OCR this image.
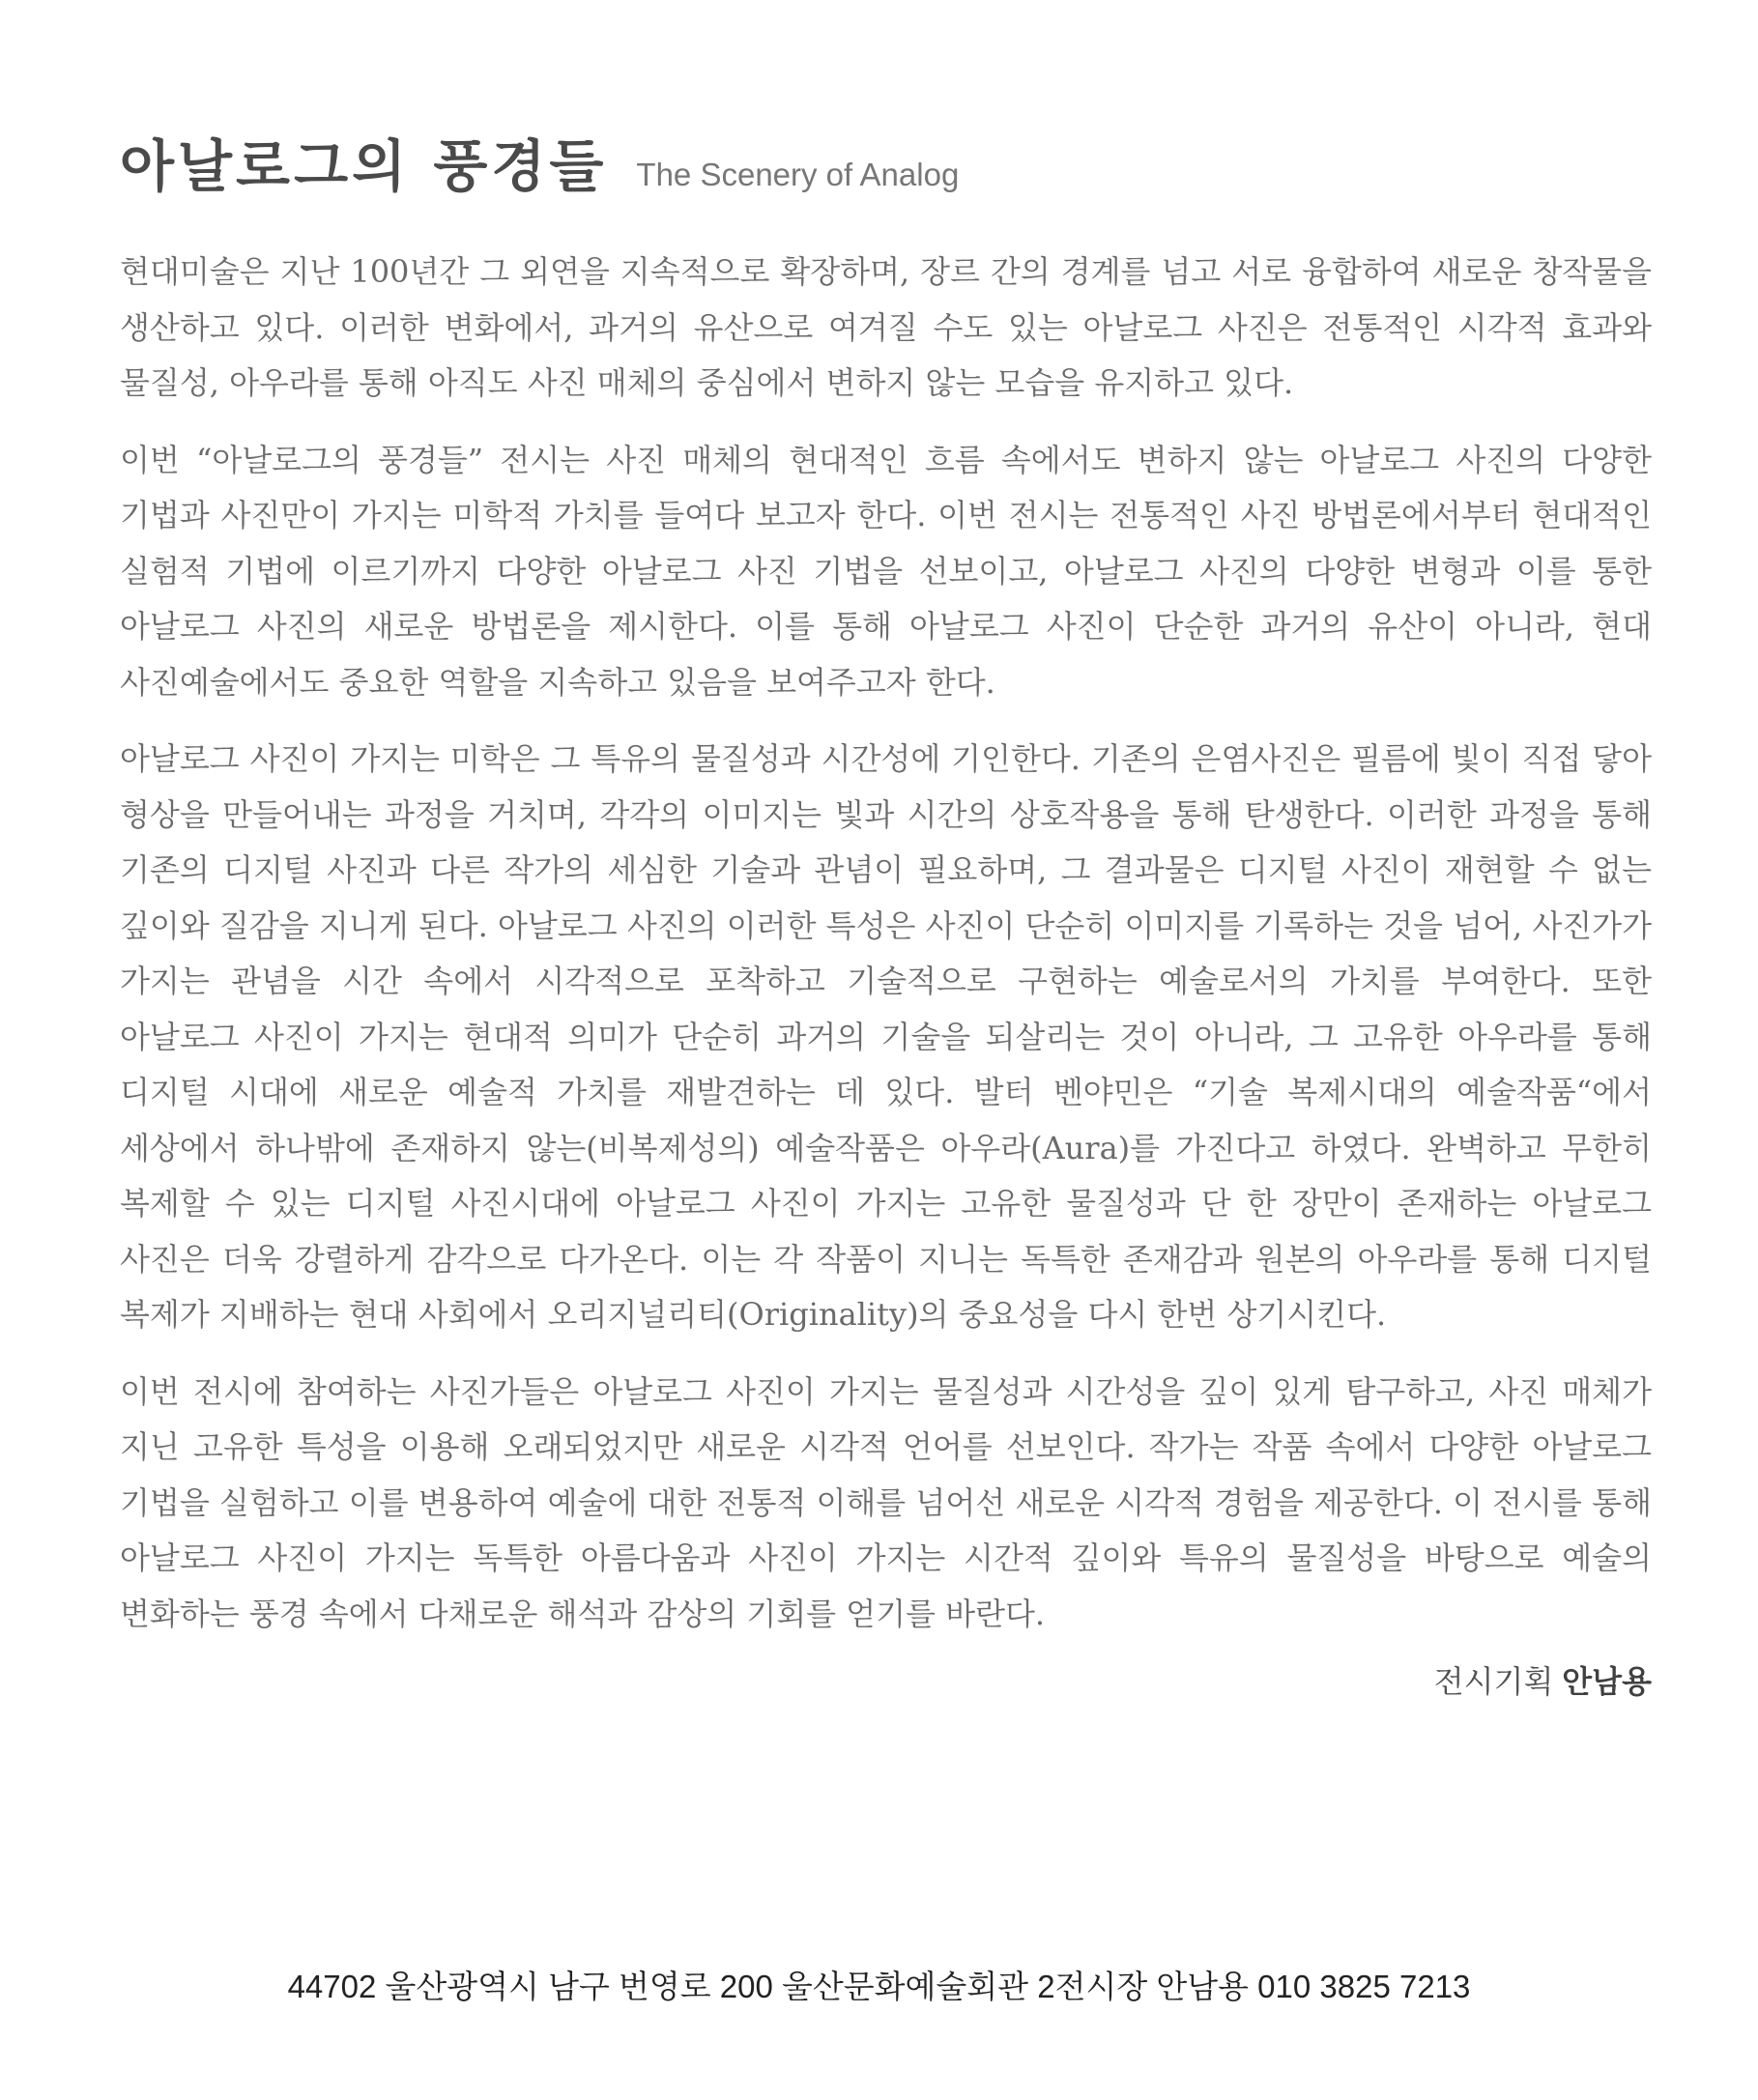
아날로그의 풍경들 The Scenery of Analog

현대미술은 지난 100년간 그 외연을 지속적으로 확장하며, 장르 간의 경계를 넘고 서로 융합하여 새로운 창작물을 생산하고 있다. 이러한 변화에서, 과거의 유산으로 여겨질 수도 있는 아날로그 사진은 전통적인 시각적 효과와 물질성, 아우라를 통해 아직도 사진 매체의 중심에서 변하지 않는 모습을 유지하고 있다.

이번 “아날로그의 풍경들” 전시는 사진 매체의 현대적인 흐름 속에서도 변하지 않는 아날로그 사진의 다양한 기법과 사진만이 가지는 미학적 가치를 들여다 보고자 한다. 이번 전시는 전통적인 사진 방법론에서부터 현대적인 실험적 기법에 이르기까지 다양한 아날로그 사진 기법을 선보이고, 아날로그 사진의 다양한 변형과 이를 통한 아날로그 사진의 새로운 방법론을 제시한다. 이를 통해 아날로그 사진이 단순한 과거의 유산이 아니라, 현대 사진예술에서도 중요한 역할을 지속하고 있음을 보여주고자 한다.

아날로그 사진이 가지는 미학은 그 특유의 물질성과 시간성에 기인한다. 기존의 은염사진은 필름에 빛이 직접 닿아 형상을 만들어내는 과정을 거치며, 각각의 이미지는 빛과 시간의 상호작용을 통해 탄생한다. 이러한 과정을 통해 기존의 디지털 사진과 다른 작가의 세심한 기술과 관념이 필요하며, 그 결과물은 디지털 사진이 재현할 수 없는 깊이와 질감을 지니게 된다. 아날로그 사진의 이러한 특성은 사진이 단순히 이미지를 기록하는 것을 넘어, 사진가가 가지는 관념을 시간 속에서 시각적으로 포착하고 기술적으로 구현하는 예술로서의 가치를 부여한다. 또한 아날로그 사진이 가지는 현대적 의미가 단순히 과거의 기술을 되살리는 것이 아니라, 그 고유한 아우라를 통해 디지털 시대에 새로운 예술적 가치를 재발견하는 데 있다. 발터 벤야민은 “기술 복제시대의 예술작품“에서 세상에서 하나밖에 존재하지 않는(비복제성의) 예술작품은 아우라(Aura)를 가진다고 하였다. 완벽하고 무한히 복제할 수 있는 디지털 사진시대에 아날로그 사진이 가지는 고유한 물질성과 단 한 장만이 존재하는 아날로그 사진은 더욱 강렬하게 감각으로 다가온다. 이는 각 작품이 지니는 독특한 존재감과 원본의 아우라를 통해 디지털 복제가 지배하는 현대 사회에서 오리지널리티(Originality)의 중요성을 다시 한번 상기시킨다.

이번 전시에 참여하는 사진가들은 아날로그 사진이 가지는 물질성과 시간성을 깊이 있게 탐구하고, 사진 매체가 지닌 고유한 특성을 이용해 오래되었지만 새로운 시각적 언어를 선보인다. 작가는 작품 속에서 다양한 아날로그 기법을 실험하고 이를 변용하여 예술에 대한 전통적 이해를 넘어선 새로운 시각적 경험을 제공한다. 이 전시를 통해 아날로그 사진이 가지는 독특한 아름다움과 사진이 가지는 시간적 깊이와 특유의 물질성을 바탕으로 예술의 변화하는 풍경 속에서 다채로운 해석과 감상의 기회를 얻기를 바란다.

전시기획 안남용
44702 울산광역시 남구 번영로 200 울산문화예술회관 2전시장 안남용 010 3825 7213
